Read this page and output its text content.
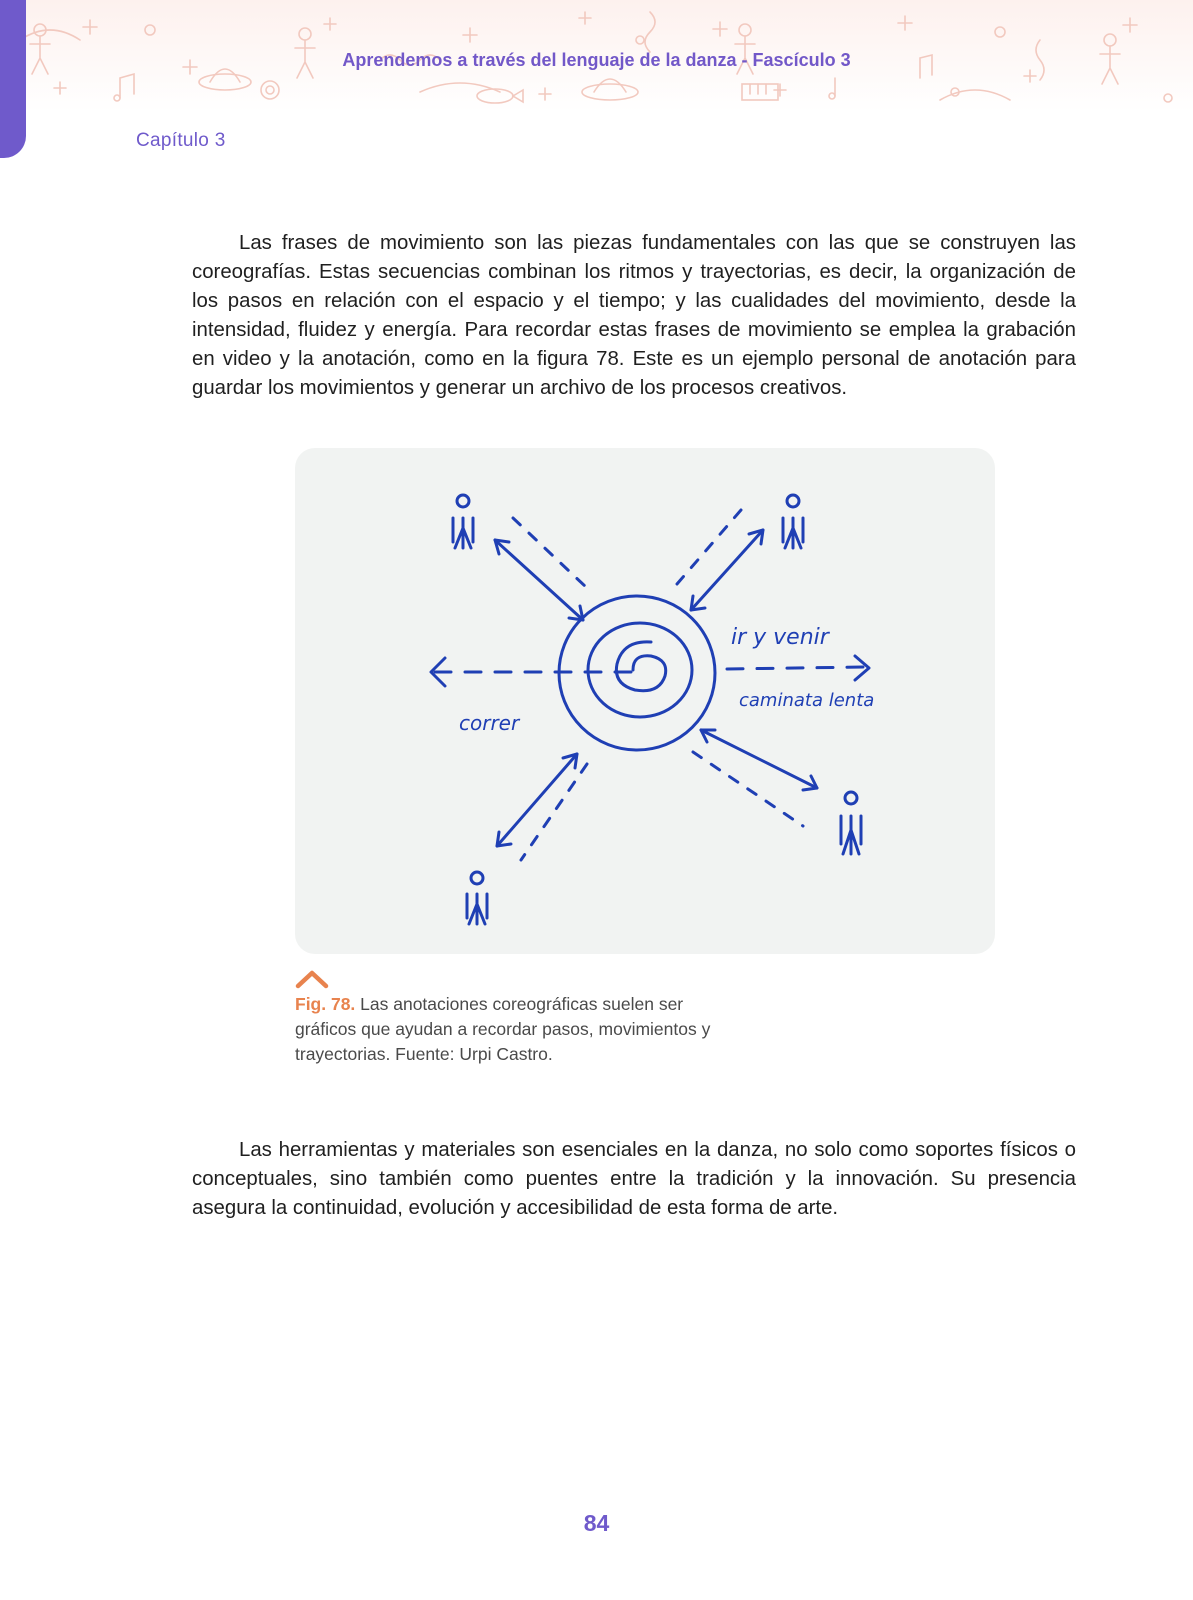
Aprendemos a través del lenguaje de la danza - Fascículo 3
Capítulo 3

Las frases de movimiento son las piezas fundamentales con las que se construyen las coreografías. Estas secuencias combinan los ritmos y trayectorias, es decir, la organización de los pasos en relación con el espacio y el tiempo; y las cualidades del movimiento, desde la intensidad, fluidez y energía. Para recordar estas frases de movimiento se emplea la grabación en video y la anotación, como en la figura 78. Este es un ejemplo personal de anotación para guardar los movimientos y generar un archivo de los procesos creativos.

ir y venir
correr
caminata lenta

Fig. 78. Las anotaciones coreográficas suelen ser gráficos que ayudan a recordar pasos, movimientos y trayectorias. Fuente: Urpi Castro.

Las herramientas y materiales son esenciales en la danza, no solo como soportes físicos o conceptuales, sino también como puentes entre la tradición y la innovación. Su presencia asegura la continuidad, evolución y accesibilidad de esta forma de arte.

84
